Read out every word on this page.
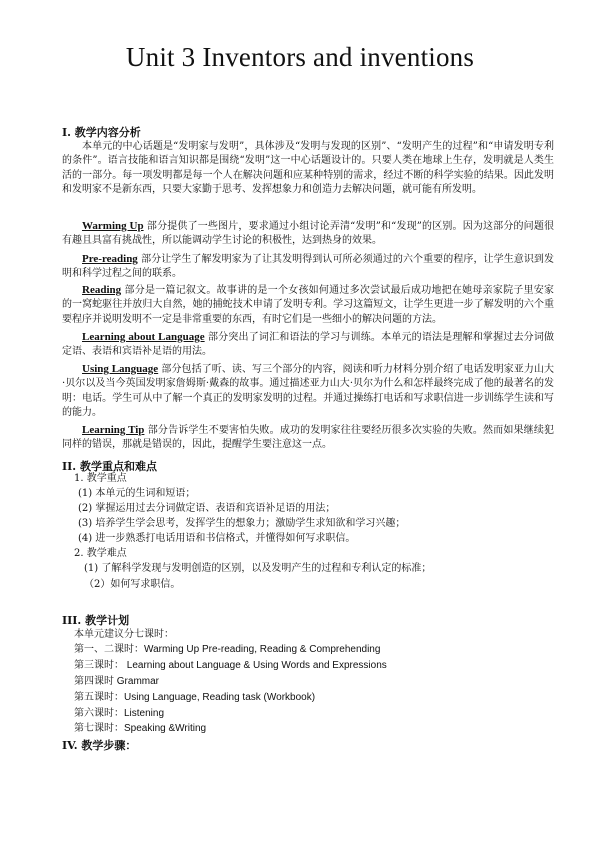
Unit 3 Inventors and inventions
I. 教学内容分析

本单元的中心话题是“发明家与发明”，具体涉及“发明与发现的区别”、“发明产生的过程”和“申请发明专利的条件”。语言技能和语言知识都是围绕“发明”这一中心话题设计的。只要人类在地球上生存，发明就是人类生活的一部分。每一项发明都是每一个人在解决问题和应某种特别的需求，经过不断的科学实验的结果。因此发明和发明家不是新东西，只要大家勤于思考、发挥想象力和创造力去解决问题，就可能有所发明。

Warming Up 部分提供了一些图片，要求通过小组讨论弄清“发明”和“发现”的区别。因为这部分的问题很有趣且具富有挑战性，所以能调动学生讨论的积极性，达到热身的效果。

Pre-reading 部分让学生了解发明家为了让其发明得到认可所必须通过的六个重要的程序，让学生意识到发明和科学过程之间的联系。

Reading 部分是一篇记叙文。故事讲的是一个女孩如何通过多次尝试最后成功地把在她母亲家院子里安家的一窝蛇驱往并放归大自然，她的捕蛇技术申请了发明专利。学习这篇短文，让学生更进一步了解发明的六个重要程序并说明发明不一定是非常重要的东西，有时它们是一些细小的解决问题的方法。

Learning about Language 部分突出了词汇和语法的学习与训练。本单元的语法是理解和掌握过去分词做定语、表语和宾语补足语的用法。

Using Language 部分包括了听、读、写三个部分的内容，阅读和听力材料分别介绍了电话发明家亚力山大·贝尔以及当今英国发明家詹姆斯·戴森的故事。通过描述亚力山大·贝尔为什么和怎样最终完成了他的最著名的发明：电话。学生可从中了解一个真正的发明家发明的过程。并通过操练打电话和写求职信进一步训练学生读和写的能力。

Learning Tip 部分告诉学生不要害怕失败。成功的发明家往往要经历很多次实验的失败。然而如果继续犯同样的错误，那就是错误的，因此，提醒学生要注意这一点。

II. 教学重点和难点
1. 教学重点
(1) 本单元的生词和短语；
(2) 掌握运用过去分词做定语、表语和宾语补足语的用法；
(3) 培养学生学会思考，发挥学生的想象力；激励学生求知欲和学习兴趣；
(4) 进一步熟悉打电话用语和书信格式，并懂得如何写求职信。
2. 教学难点
(1) 了解科学发现与发明创造的区别，以及发明产生的过程和专利认定的标准；
（2）如何写求职信。
III. 教学计划
本单元建议分七课时：
第一、二课时：Warming Up Pre-reading, Reading & Comprehending
第三课时： Learning about Language & Using Words and Expressions
第四课时 Grammar
第五课时：Using Language, Reading task (Workbook)
第六课时：Listening
第七课时：Speaking &Writing
IV. 教学步骤：
